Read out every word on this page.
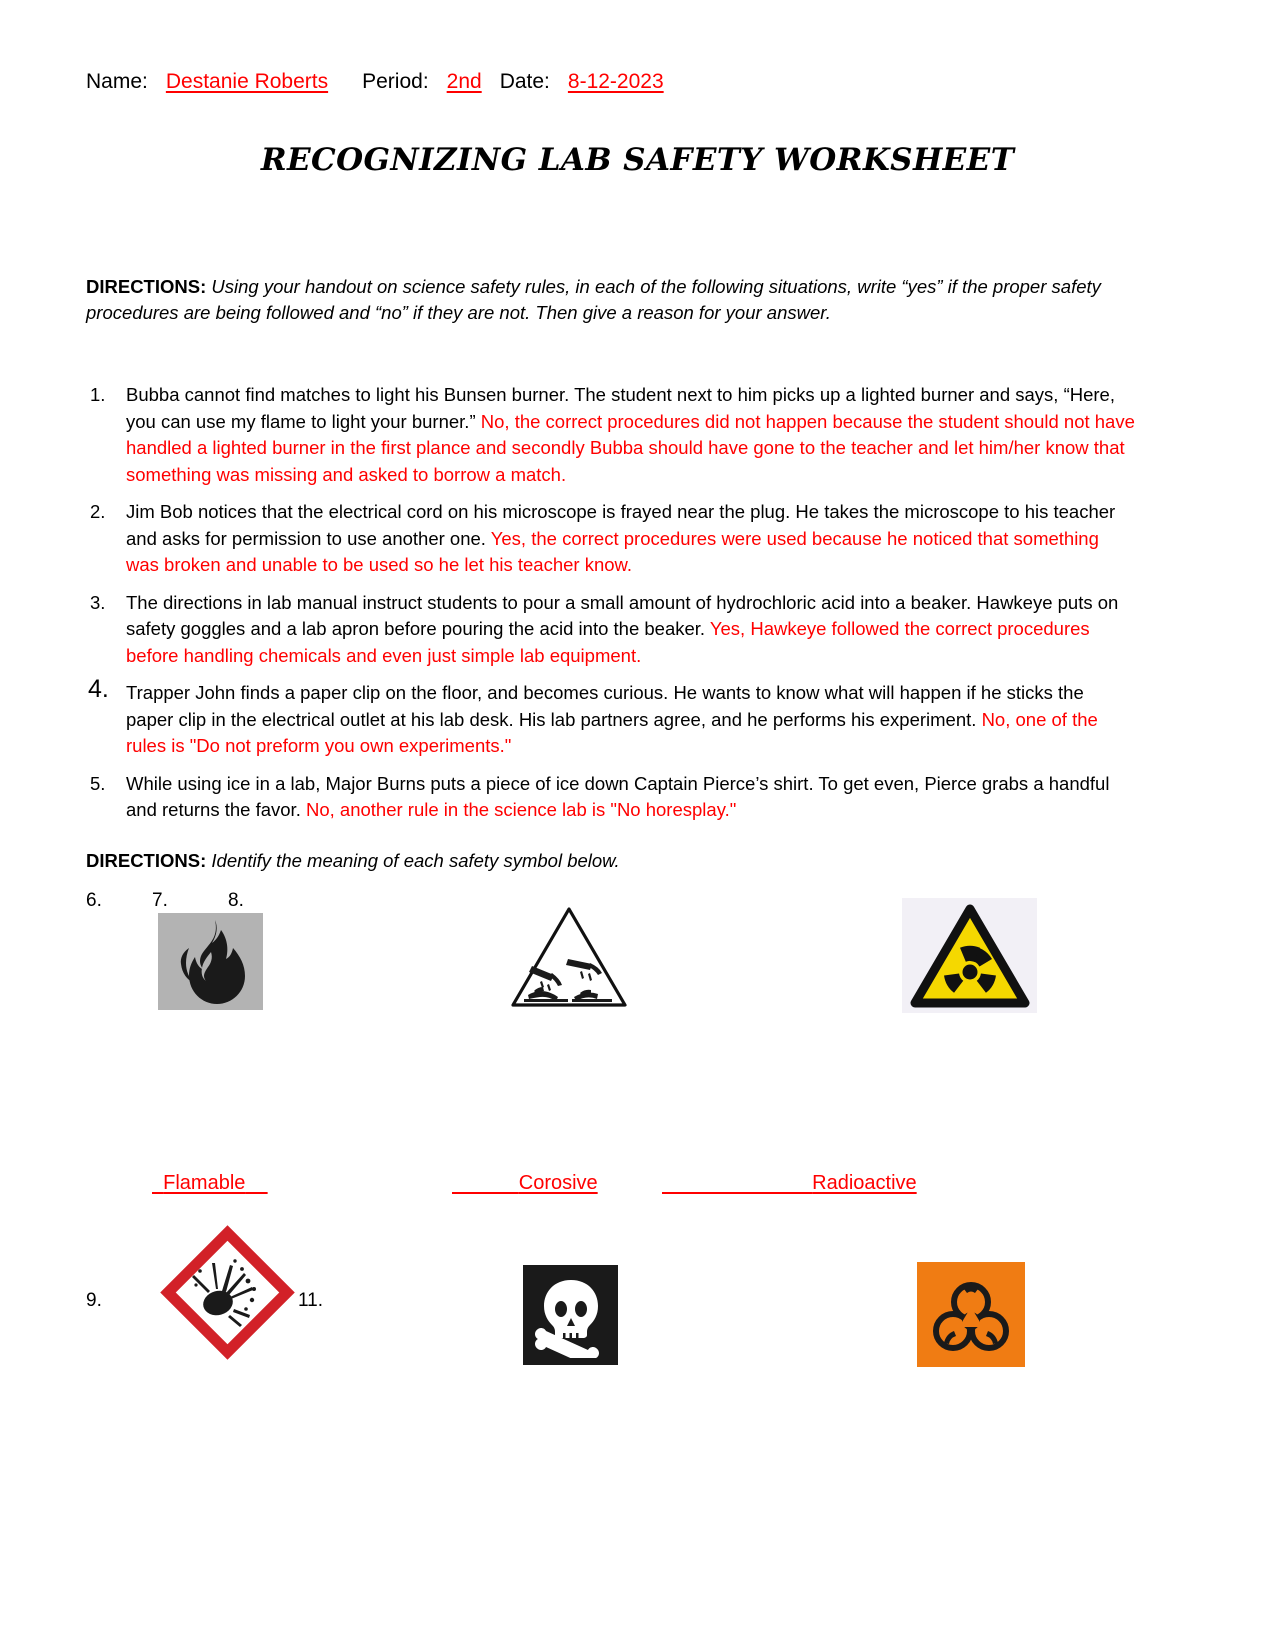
Name: Destanie Roberts Period: 2nd Date: 8-12-2023
RECOGNIZING LAB SAFETY WORKSHEET
DIRECTIONS: Using your handout on science safety rules, in each of the following situations, write “yes” if the proper safety procedures are being followed and “no” if they are not. Then give a reason for your answer.
1. Bubba cannot find matches to light his Bunsen burner. The student next to him picks up a lighted burner and says, “Here, you can use my flame to light your burner.” No, the correct procedures did not happen because the student should not have handled a lighted burner in the first plance and secondly Bubba should have gone to the teacher and let him/her know that something was missing and asked to borrow a match.
2. Jim Bob notices that the electrical cord on his microscope is frayed near the plug. He takes the microscope to his teacher and asks for permission to use another one. Yes, the correct procedures were used because he noticed that something was broken and unable to be used so he let his teacher know.
3. The directions in lab manual instruct students to pour a small amount of hydrochloric acid into a beaker. Hawkeye puts on safety goggles and a lab apron before pouring the acid into the beaker. Yes, Hawkeye followed the correct procedures before handling chemicals and even just simple lab equipment.
4. Trapper John finds a paper clip on the floor, and becomes curious. He wants to know what will happen if he sticks the paper clip in the electrical outlet at his lab desk. His lab partners agree, and he performs his experiment. No, one of the rules is "Do not preform you own experiments."
5. While using ice in a lab, Major Burns puts a piece of ice down Captain Pierce’s shirt. To get even, Pierce grabs a handful and returns the favor. No, another rule in the science lab is "No horesplay."
DIRECTIONS: Identify the meaning of each safety symbol below.
6.	7.	8.
Flamable	Corosive	Radioactive
9.	11.
